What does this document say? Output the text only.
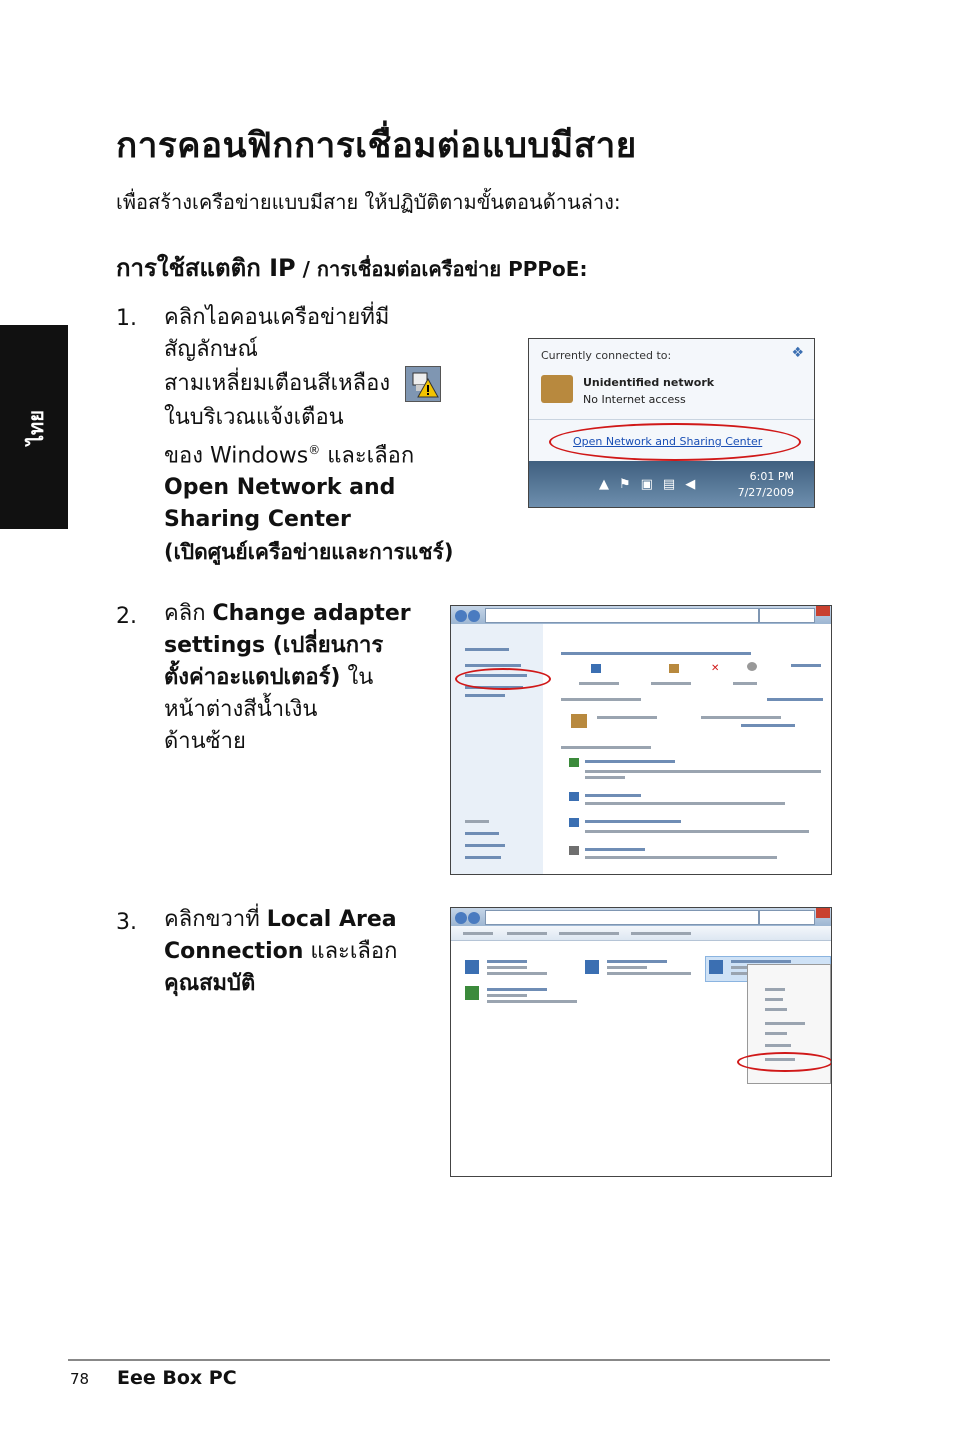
ไทย
การคอนฟิกการเชื่อมต่อแบบมีสาย
เพื่อสร้างเครือข่ายแบบมีสาย ให้ปฏิบัติตามขั้นตอนด้านล่าง:
การใช้สแตติก IP / การเชื่อมต่อเครือข่าย PPPoE:
1. คลิกไอคอนเครือข่ายที่มี
สัญลักษณ์
สามเหลี่ยมเตือนสีเหลือง
ในบริเวณแจ้งเตือน
ของ Windows® และเลือก
Open Network and
Sharing Center
(เปิดศูนย์เครือข่ายและการแชร์)
Currently connected to:	❖
Unidentified network
No Internet access
Open Network and Sharing Center
▲⚑▣▤◀
6:01 PM
7/27/2009
2. คลิก Change adapter
settings (เปลี่ยนการ
ตั้งค่าอะแดปเตอร์) ใน
หน้าต่างสีน้ำเงิน
ด้านซ้าย
✕
3. คลิกขวาที่ Local Area
Connection และเลือก
คุณสมบัติ
78 Eee Box PC
